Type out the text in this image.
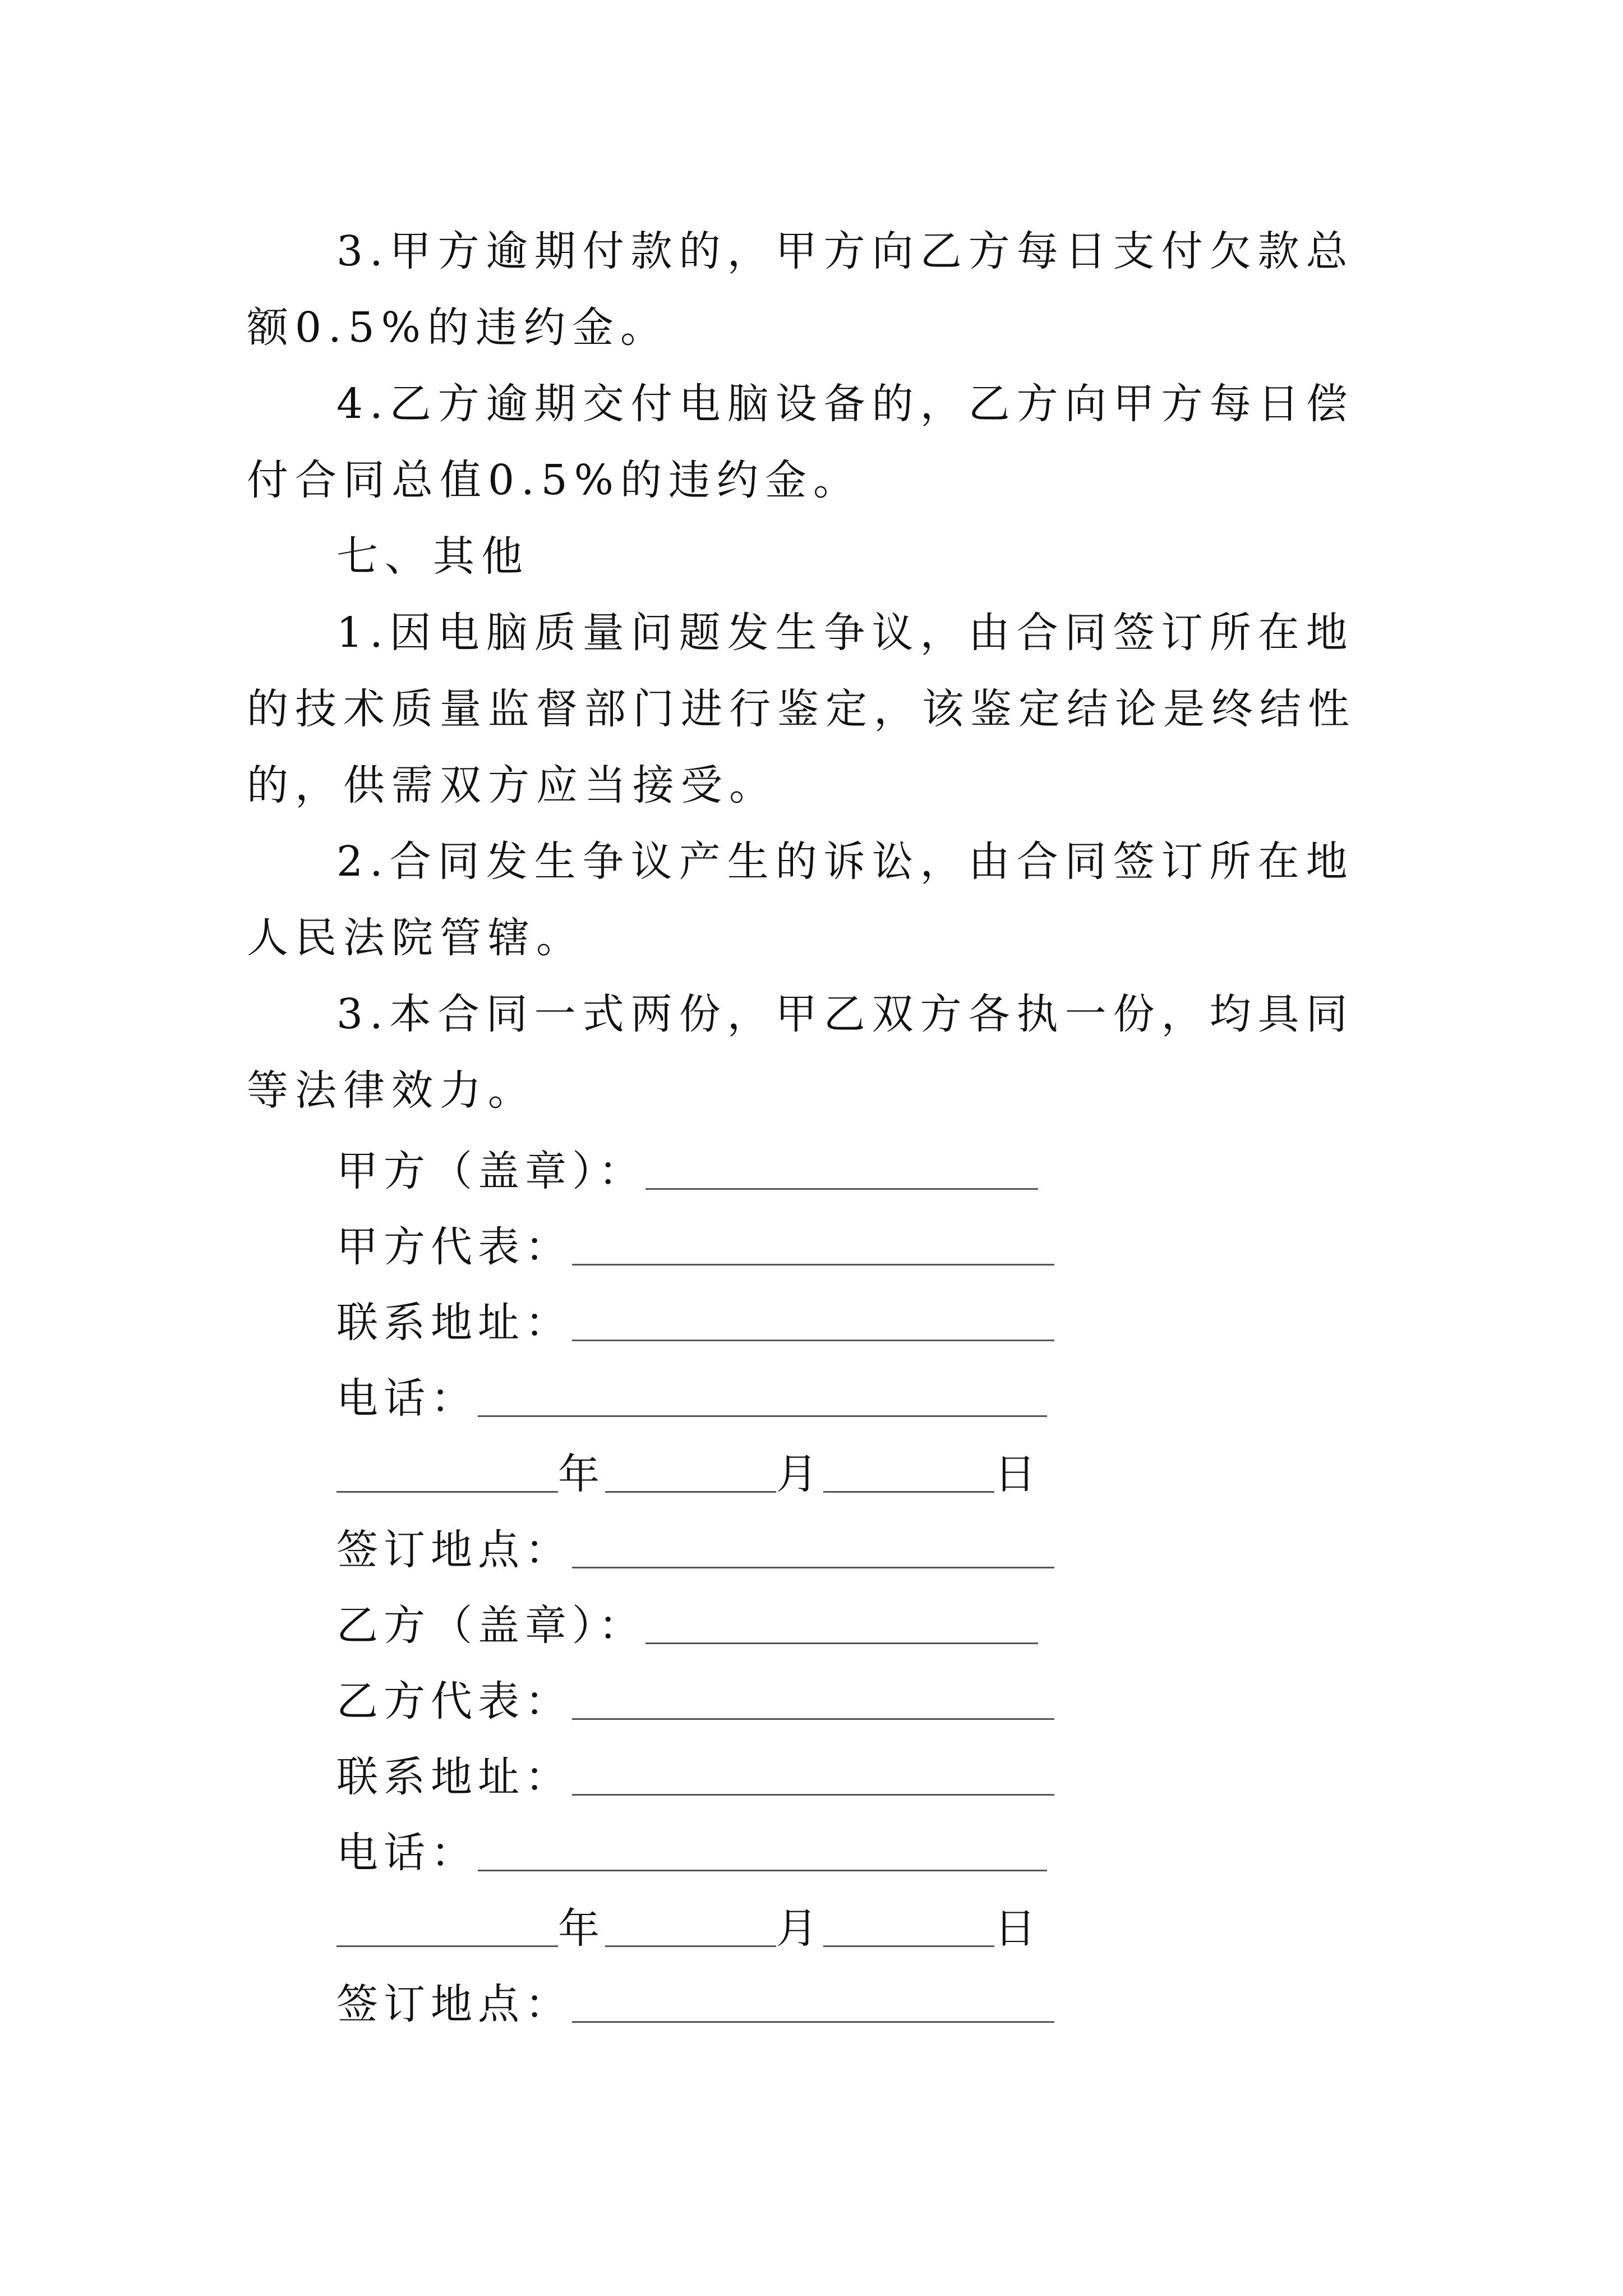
3.甲方逾期付款的，甲方向乙方每日支付欠款总额0.5%的违约金。

4.乙方逾期交付电脑设备的，乙方向甲方每日偿付合同总值0.5%的违约金。

七、其他

1.因电脑质量问题发生争议，由合同签订所在地的技术质量监督部门进行鉴定，该鉴定结论是终结性的，供需双方应当接受。

2.合同发生争议产生的诉讼，由合同签订所在地人民法院管辖。

3.本合同一式两份，甲乙双方各执一份，均具同等法律效力。

甲方（盖章）：
甲方代表：
联系地址：
电话：
年	月	日
签订地点：
乙方（盖章）：
乙方代表：
联系地址：
电话：
年	月	日
签订地点：
